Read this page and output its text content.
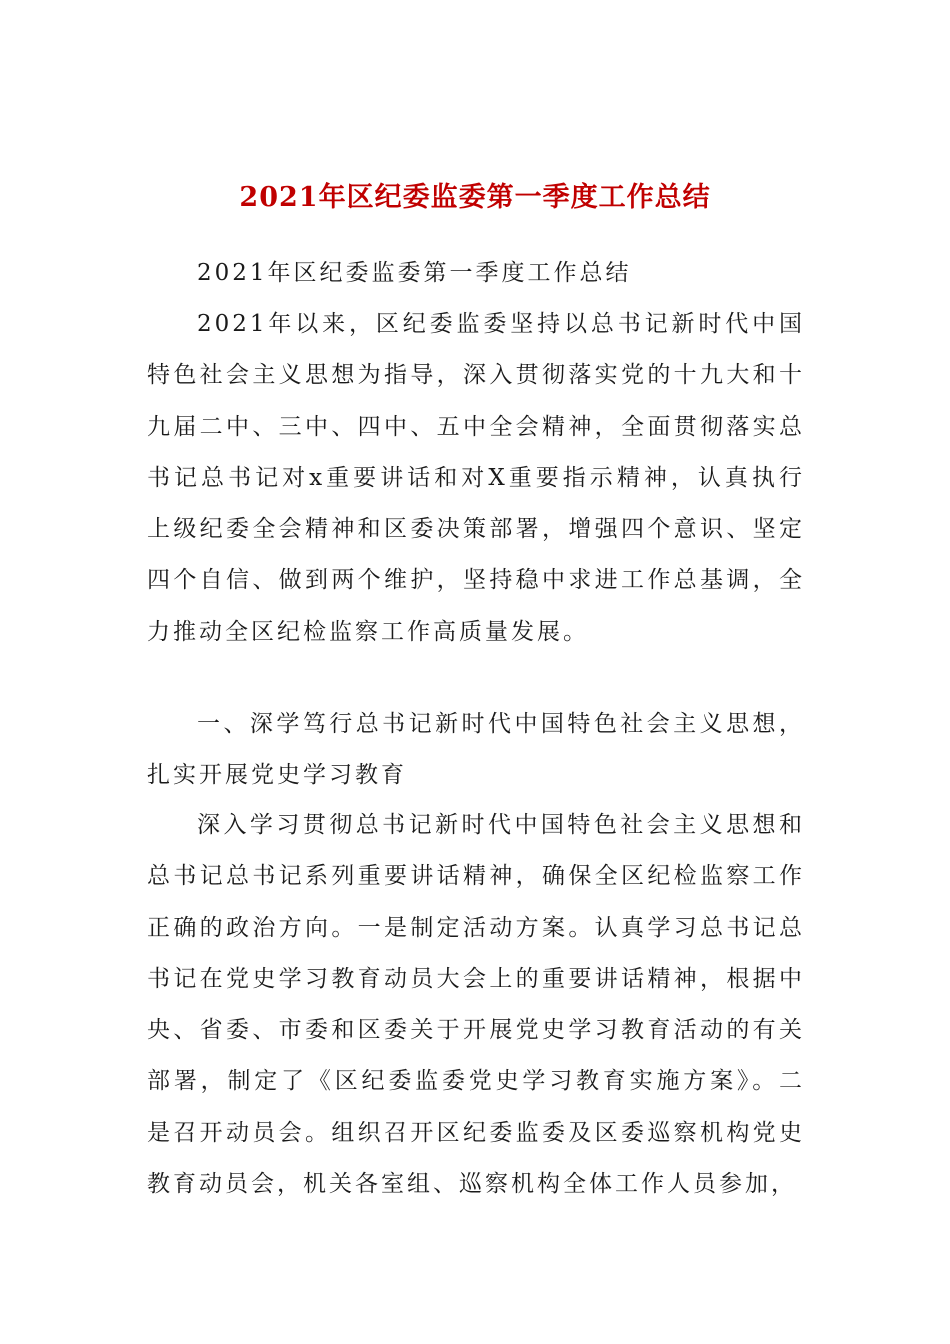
2021年区纪委监委第一季度工作总结

2021年区纪委监委第一季度工作总结

2021年以来，区纪委监委坚持以总书记新时代中国特色社会主义思想为指导，深入贯彻落实党的十九大和十九届二中、三中、四中、五中全会精神，全面贯彻落实总书记总书记对x重要讲话和对X重要指示精神，认真执行上级纪委全会精神和区委决策部署，增强四个意识、坚定四个自信、做到两个维护，坚持稳中求进工作总基调，全力推动全区纪检监察工作高质量发展。

一、深学笃行总书记新时代中国特色社会主义思想，扎实开展党史学习教育

深入学习贯彻总书记新时代中国特色社会主义思想和总书记总书记系列重要讲话精神，确保全区纪检监察工作正确的政治方向。一是制定活动方案。认真学习总书记总书记在党史学习教育动员大会上的重要讲话精神，根据中央、省委、市委和区委关于开展党史学习教育活动的有关部署，制定了《区纪委监委党史学习教育实施方案》。二是召开动员会。组织召开区纪委监委及区委巡察机构党史教育动员会，机关各室组、巡察机构全体工作人员参加，
